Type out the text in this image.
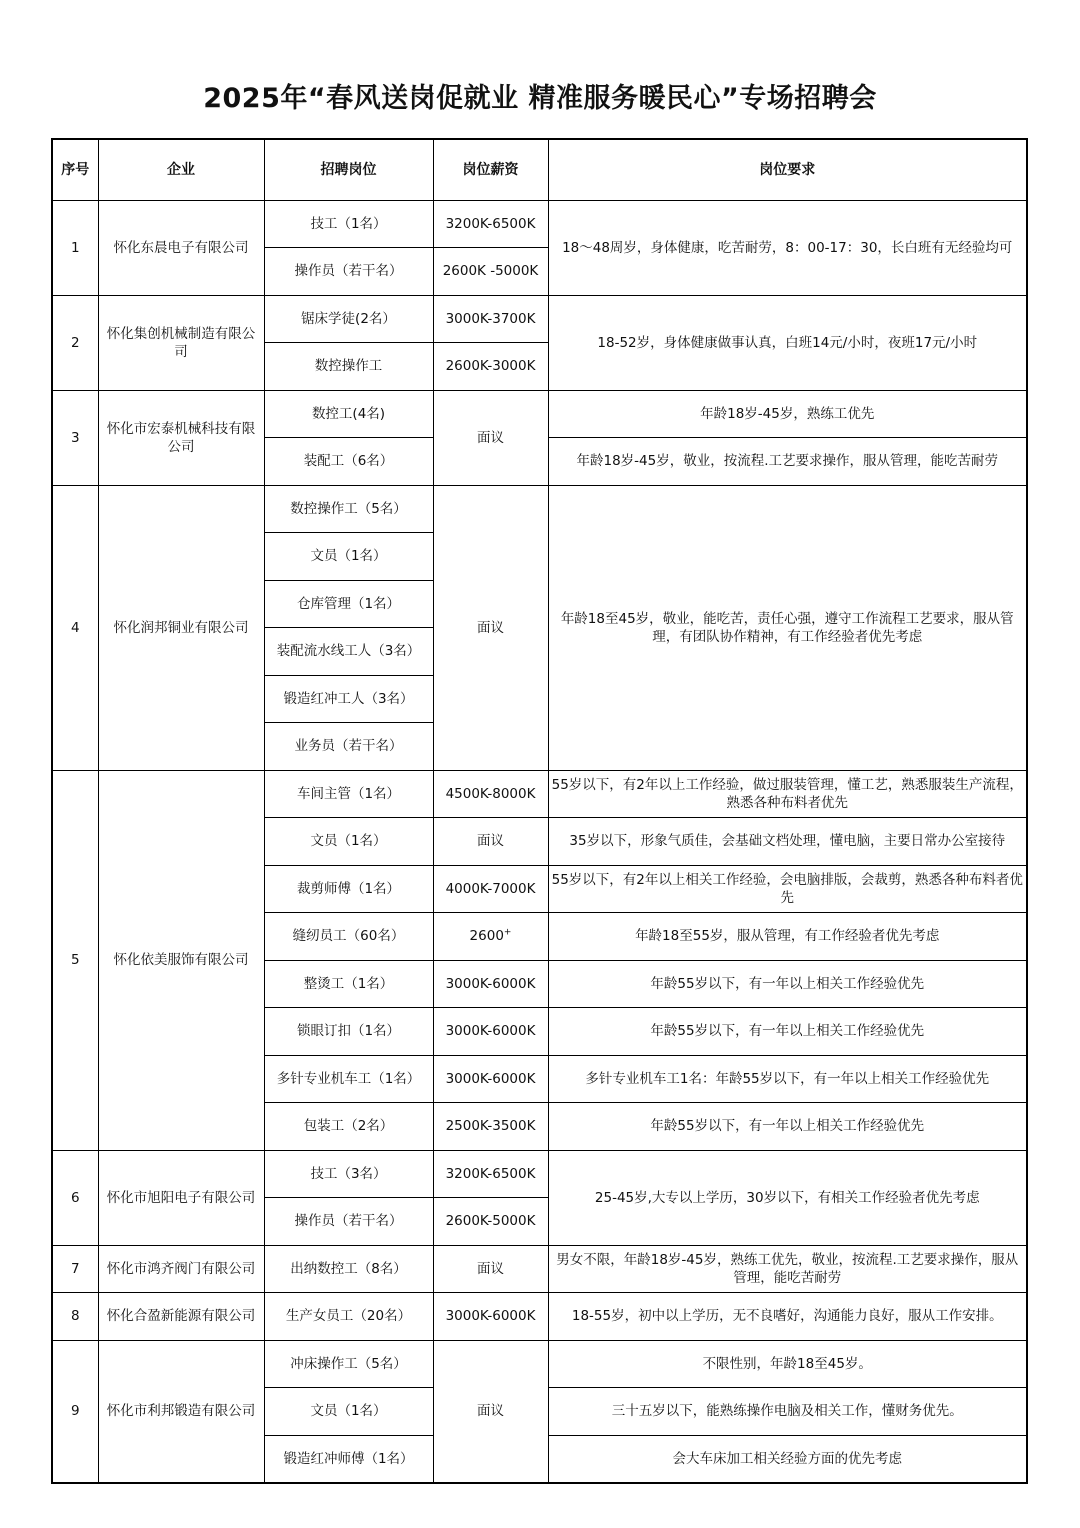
2025年“春风送岗促就业 精准服务暖民心”专场招聘会
序号	企业	招聘岗位	岗位薪资	岗位要求
1	怀化东晨电子有限公司	技工（1名）	3200K-6500K	18～48周岁，身体健康，吃苦耐劳，8：00-17：30，长白班有无经验均可
		操作员（若干名）	2600K -5000K	
2	怀化集创机械制造有限公司	锯床学徒(2名）	3000K-3700K	18-52岁，身体健康做事认真，白班14元/小时，夜班17元/小时
		数控操作工	2600K-3000K	
3	怀化市宏泰机械科技有限公司	数控工(4名)	面议	年龄18岁-45岁，熟练工优先
		装配工（6名）		年龄18岁-45岁，敬业，按流程.工艺要求操作，服从管理，能吃苦耐劳
4	怀化润邦铜业有限公司	数控操作工（5名）	面议	年龄18至45岁，敬业，能吃苦，责任心强，遵守工作流程工艺要求，服从管理，有团队协作精神，有工作经验者优先考虑
		文员（1名）		
		仓库管理（1名）		
		装配流水线工人（3名）		
		锻造红冲工人（3名）		
		业务员（若干名）		
5	怀化依美服饰有限公司	车间主管（1名）	4500K-8000K	55岁以下，有2年以上工作经验，做过服装管理，懂工艺，熟悉服装生产流程，熟悉各种布料者优先
		文员（1名）	面议	35岁以下，形象气质佳，会基础文档处理，懂电脑，主要日常办公室接待
		裁剪师傅（1名）	4000K-7000K	55岁以下，有2年以上相关工作经验，会电脑排版，会裁剪，熟悉各种布料者优先
		缝纫员工（60名）	2600+	年龄18至55岁，服从管理，有工作经验者优先考虑
		整烫工（1名）	3000K-6000K	年龄55岁以下，有一年以上相关工作经验优先
		锁眼订扣（1名）	3000K-6000K	年龄55岁以下，有一年以上相关工作经验优先
		多针专业机车工（1名）	3000K-6000K	多针专业机车工1名：年龄55岁以下，有一年以上相关工作经验优先
		包装工（2名）	2500K-3500K	年龄55岁以下，有一年以上相关工作经验优先
6	怀化市旭阳电子有限公司	技工（3名）	3200K-6500K	25-45岁,大专以上学历，30岁以下，有相关工作经验者优先考虑
		操作员（若干名）	2600K-5000K	
7	怀化市鸿齐阀门有限公司	出纳数控工（8名）	面议	男女不限，年龄18岁-45岁，熟练工优先，敬业，按流程.工艺要求操作，服从管理，能吃苦耐劳
8	怀化合盈新能源有限公司	生产女员工（20名）	3000K-6000K	18-55岁，初中以上学历，无不良嗜好，沟通能力良好，服从工作安排。
9	怀化市利邦锻造有限公司	冲床操作工（5名）	面议	不限性别，年龄18至45岁。
		文员（1名）		三十五岁以下，能熟练操作电脑及相关工作，懂财务优先。
		锻造红冲师傅（1名）		会大车床加工相关经验方面的优先考虑
